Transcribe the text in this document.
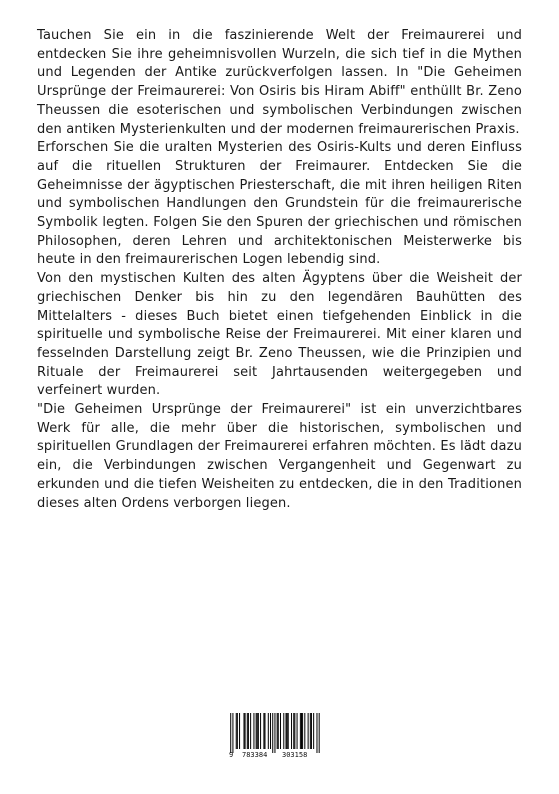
Tauchen Sie ein in die faszinierende Welt der Freimaurerei und entdecken Sie ihre geheimnisvollen Wurzeln, die sich tief in die Mythen und Legenden der Antike zurückverfolgen lassen. In "Die Geheimen Ursprünge der Freimaurerei: Von Osiris bis Hiram Abiff" enthüllt Br. Zeno Theussen die esoterischen und symbolischen Verbindungen zwischen den antiken Mysterienkulten und der modernen freimaurerischen Praxis.

Erforschen Sie die uralten Mysterien des Osiris-Kults und deren Einfluss auf die rituellen Strukturen der Freimaurer. Entdecken Sie die Geheimnisse der ägyptischen Priesterschaft, die mit ihren heiligen Riten und symbolischen Handlungen den Grundstein für die freimaurerische Symbolik legten. Folgen Sie den Spuren der griechischen und römischen Philosophen, deren Lehren und architektonischen Meisterwerke bis heute in den freimaurerischen Logen lebendig sind.

Von den mystischen Kulten des alten Ägyptens über die Weisheit der griechischen Denker bis hin zu den legendären Bauhütten des Mittelalters - dieses Buch bietet einen tiefgehenden Einblick in die spirituelle und symbolische Reise der Freimaurerei. Mit einer klaren und fesselnden Darstellung zeigt Br. Zeno Theussen, wie die Prinzipien und Rituale der Freimaurerei seit Jahrtausenden weitergegeben und verfeinert wurden.

"Die Geheimen Ursprünge der Freimaurerei" ist ein unverzichtbares Werk für alle, die mehr über die historischen, symbolischen und spirituellen Grundlagen der Freimaurerei erfahren möchten. Es lädt dazu ein, die Verbindungen zwischen Vergangenheit und Gegenwart zu erkunden und die tiefen Weisheiten zu entdecken, die in den Traditionen dieses alten Ordens verborgen liegen.

9 783384 303158
